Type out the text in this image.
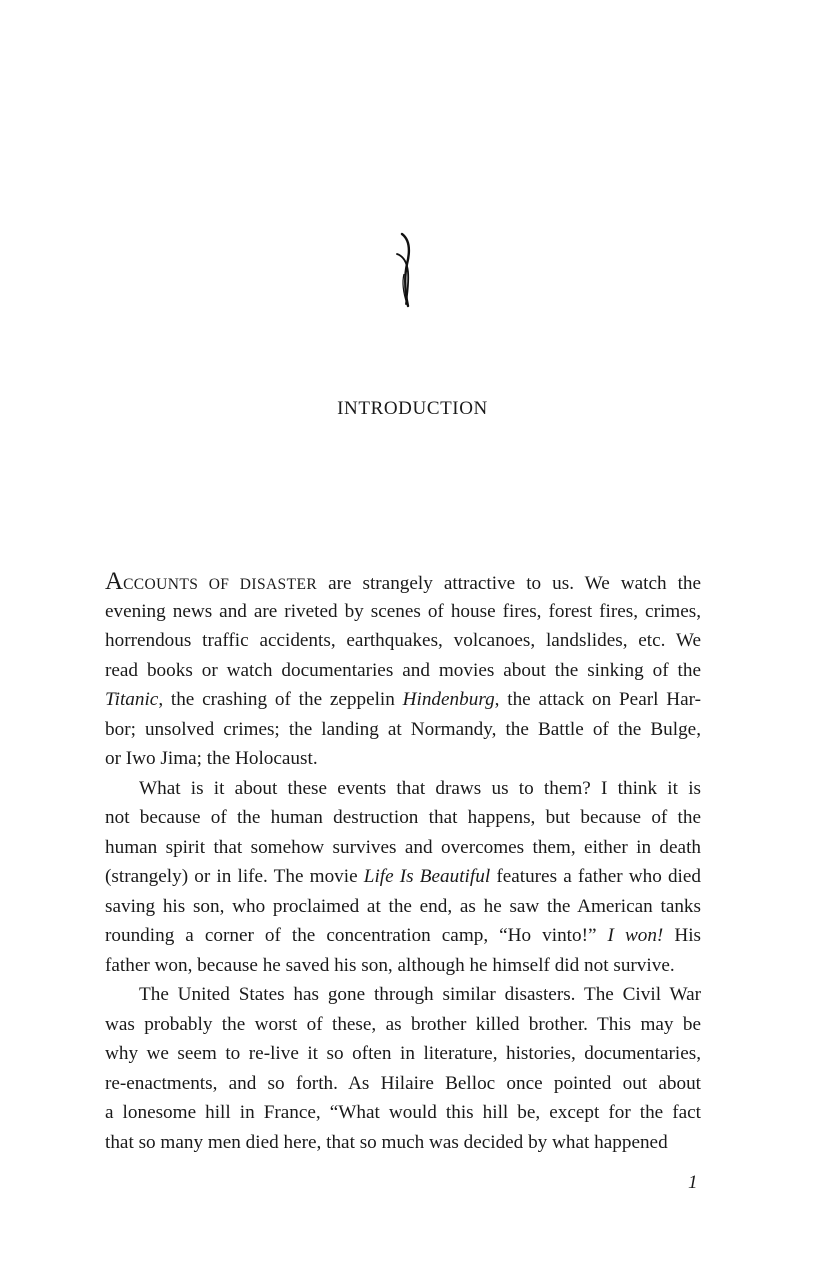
INTRODUCTION
ACCOUNTS OF DISASTER are strangely attractive to us. We watch the
evening news and are riveted by scenes of house fires, forest fires, crimes,
horrendous traffic accidents, earthquakes, volcanoes, landslides, etc. We
read books or watch documentaries and movies about the sinking of the
Titanic, the crashing of the zeppelin Hindenburg, the attack on Pearl Har-
bor; unsolved crimes; the landing at Normandy, the Battle of the Bulge,
or Iwo Jima; the Holocaust.
What is it about these events that draws us to them? I think it is
not because of the human destruction that happens, but because of the
human spirit that somehow survives and overcomes them, either in death
(strangely) or in life. The movie Life Is Beautiful features a father who died
saving his son, who proclaimed at the end, as he saw the American tanks
rounding a corner of the concentration camp, “Ho vinto!” I won! His
father won, because he saved his son, although he himself did not survive.
The United States has gone through similar disasters. The Civil War
was probably the worst of these, as brother killed brother. This may be
why we seem to re-live it so often in literature, histories, documentaries,
re-enactments, and so forth. As Hilaire Belloc once pointed out about
a lonesome hill in France, “What would this hill be, except for the fact
that so many men died here, that so much was decided by what happened
1
